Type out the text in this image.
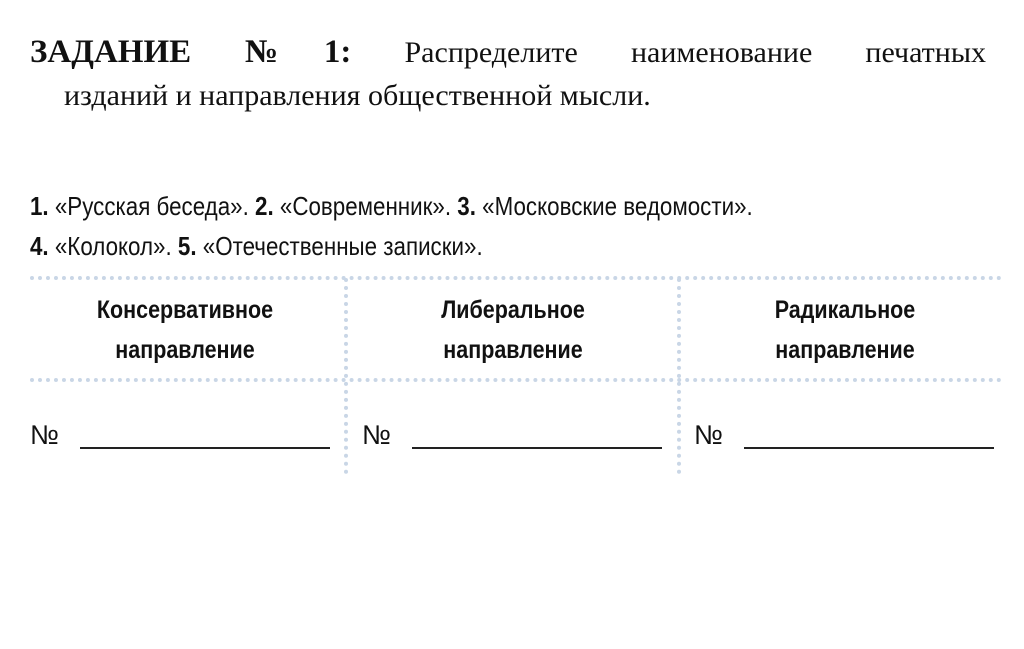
ЗАДАНИЕ №1: Распределите наименование печатных
изданий и направления общественной мысли.
1. «Русская беседа». 2. «Современник». 3. «Московские ведомости».
4. «Колокол». 5. «Отечественные записки».
Консервативное
направление
Либеральное
направление
Радикальное
направление
№	№	№
